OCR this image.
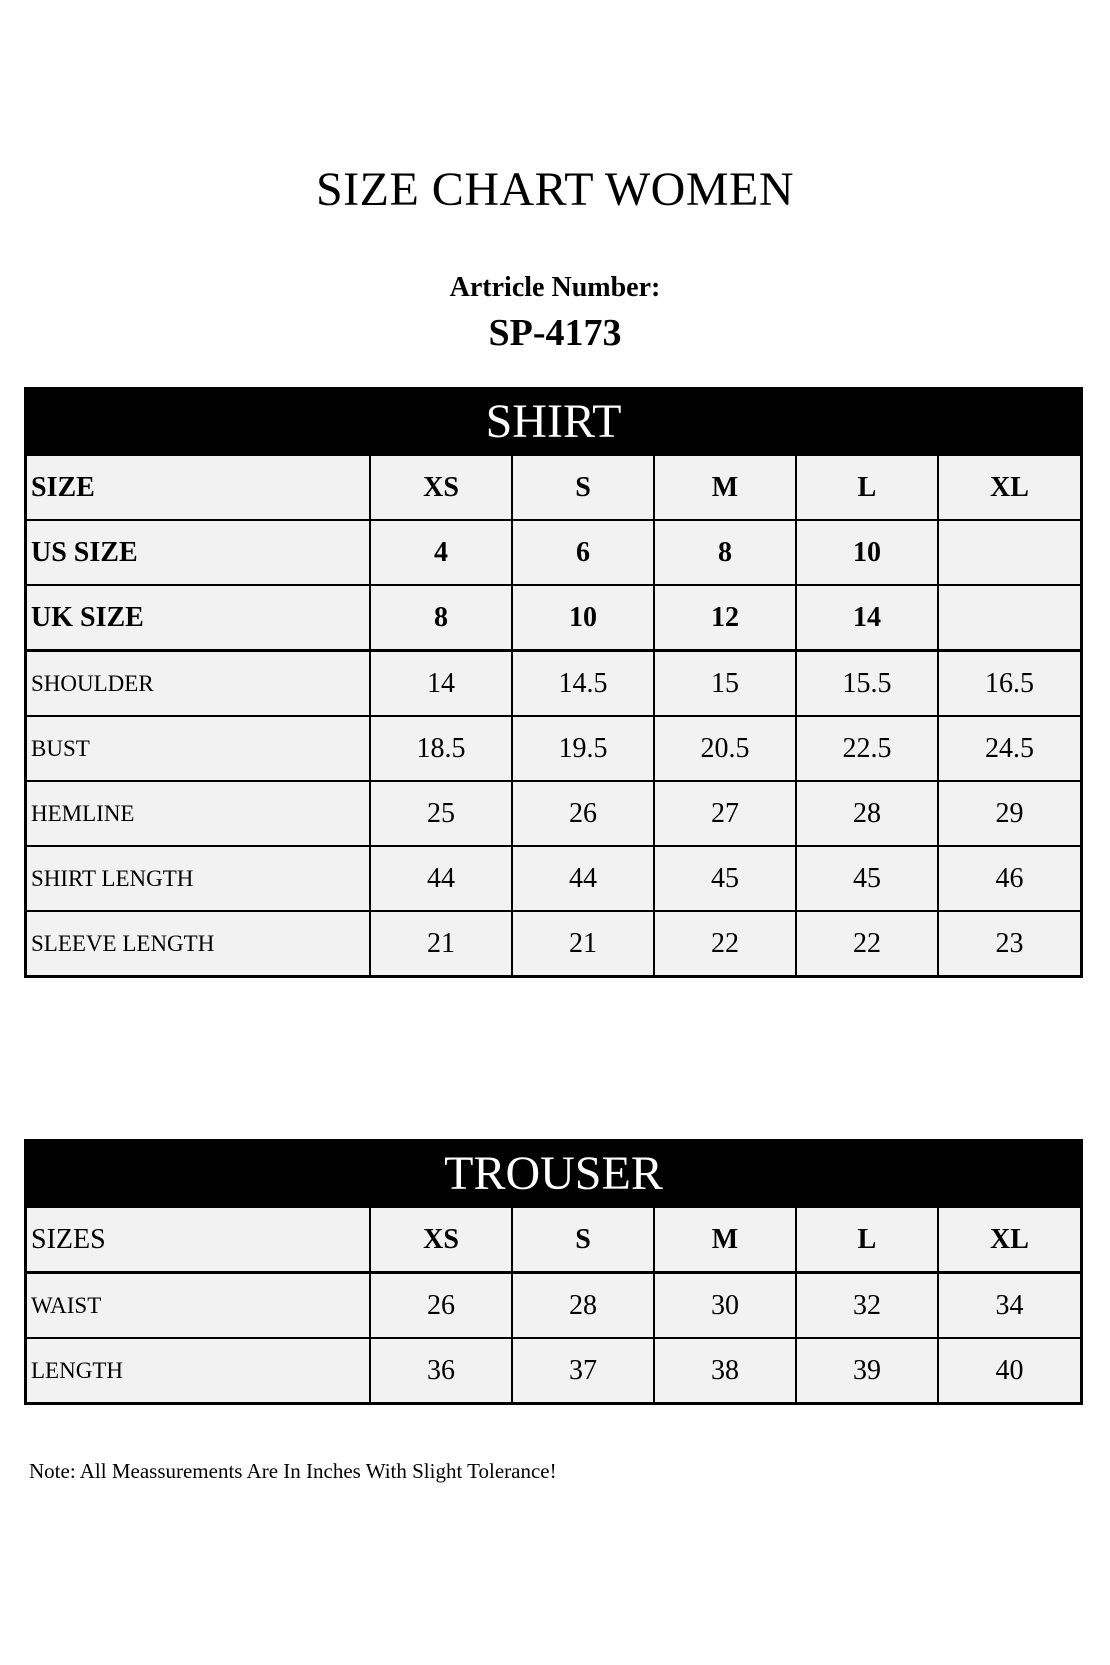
SIZE CHART WOMEN
Artricle Number:
SP-4173
SHIRT
SIZE	XS	S	M	L	XL
US SIZE	4	6	8	10	
UK SIZE	8	10	12	14	
SHOULDER	14	14.5	15	15.5	16.5
BUST	18.5	19.5	20.5	22.5	24.5
HEMLINE	25	26	27	28	29
SHIRT LENGTH	44	44	45	45	46
SLEEVE LENGTH	21	21	22	22	23
TROUSER
SIZES	XS	S	M	L	XL
WAIST	26	28	30	32	34
LENGTH	36	37	38	39	40
Note: All Meassurements Are In Inches With Slight Tolerance!
